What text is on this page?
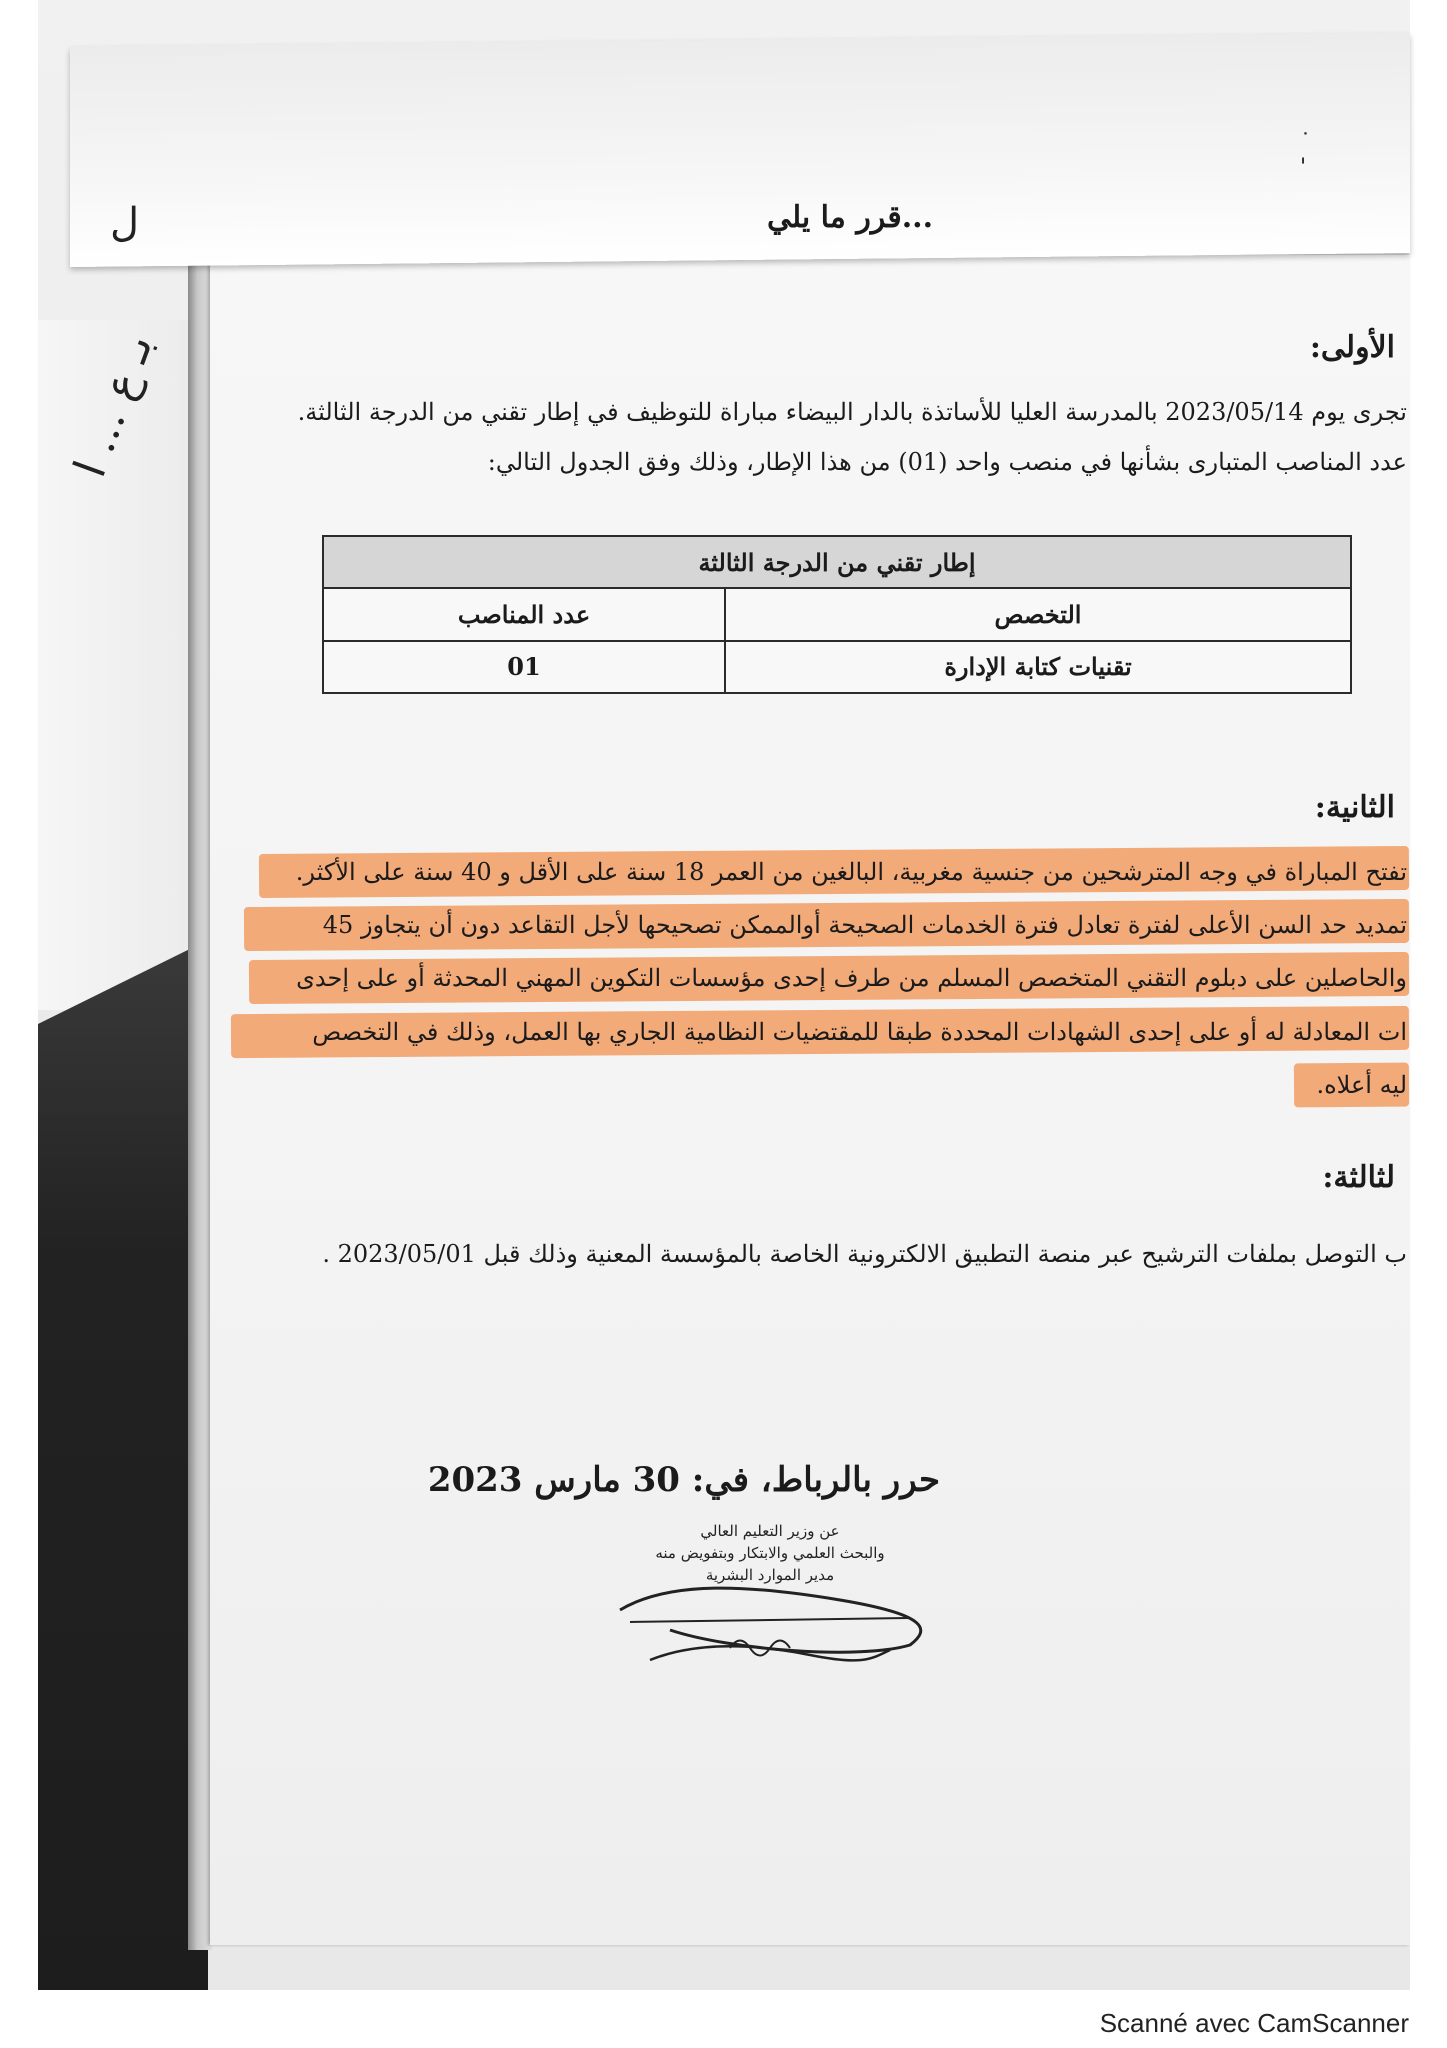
بـ ع ... ا
ل
˙
'
...قرر ما يلي
الأولى:
تجرى يوم 2023/05/14 بالمدرسة العليا للأساتذة بالدار البيضاء مباراة للتوظيف في إطار تقني من الدرجة الثالثة.
عدد المناصب المتبارى بشأنها في منصب واحد (01) من هذا الإطار، وذلك وفق الجدول التالي:
إطار تقني من الدرجة الثالثة
التخصص
عدد المناصب
تقنيات كتابة الإدارة
01
الثانية:
تفتح المباراة في وجه المترشحين من جنسية مغربية، البالغين من العمر 18 سنة على الأقل و 40 سنة على الأكثر.
تمديد حد السن الأعلى لفترة تعادل فترة الخدمات الصحيحة أوالممكن تصحيحها لأجل التقاعد دون أن يتجاوز 45
والحاصلين على دبلوم التقني المتخصص المسلم من طرف إحدى مؤسسات التكوين المهني المحدثة أو على إحدى
ات المعادلة له أو على إحدى الشهادات المحددة طبقا للمقتضيات النظامية الجاري بها العمل، وذلك في التخصص
ليه أعلاه.
لثالثة:
ب التوصل بملفات الترشيح عبر منصة التطبيق الالكترونية الخاصة بالمؤسسة المعنية وذلك قبل 2023/05/01 .
حرر بالرباط، في: 30 مارس 2023
عن وزير التعليم العالي
والبحث العلمي والابتكار وبتفويض منه
مدير الموارد البشرية
Scanné avec CamScanner
